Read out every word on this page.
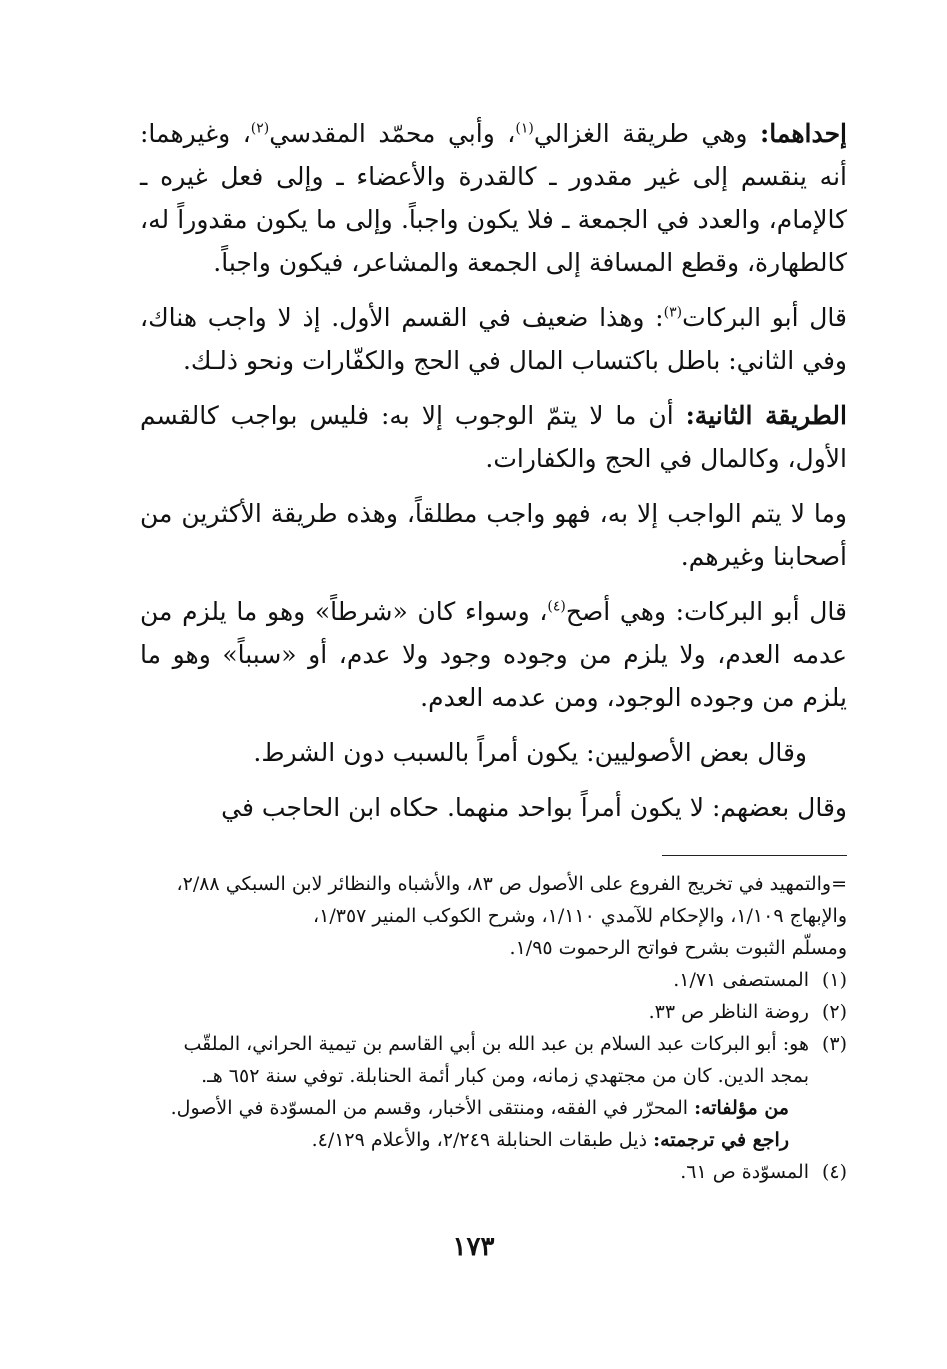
إحداهما: وهي طريقة الغزالي$^{(١)}$، وأبي محمّد المقدسي$^{(٢)}$، وغيرهما: أنه ينقسم إلى غير مقدور ـ كالقدرة والأعضاء ـ وإلى فعل غيره ـ كالإمام، والعدد في الجمعة ـ فلا يكون واجباً. وإلى ما يكون مقدوراً له، كالطهارة، وقطع المسافة إلى الجمعة والمشاعر، فيكون واجباً.

قال أبو البركات$^{(٣)}$: وهذا ضعيف في القسم الأول. إذ لا واجب هناك، وفي الثاني: باطل باكتساب المال في الحج والكفّارات ونحو ذلـك.

الطريقة الثانية: أن ما لا يتمّ الوجوب إلا به: فليس بواجب كالقسم الأول، وكالمال في الحج والكفارات.

وما لا يتم الواجب إلا به، فهو واجب مطلقاً، وهذه طريقة الأكثرين من أصحابنا وغيرهم.

قال أبو البركات: وهي أصح$^{(٤)}$، وسواء كان «شرطاً» وهو ما يلزم من عدمه العدم، ولا يلزم من وجوده وجود ولا عدم، أو «سبباً» وهو ما يلزم من وجوده الوجود، ومن عدمه العدم.

وقال بعض الأصوليين: يكون أمراً بالسبب دون الشرط.

وقال بعضهم: لا يكون أمراً بواحد منهما. حكاه ابن الحاجب في

=والتمهيد في تخريج الفروع على الأصول ص ٨٣، والأشباه والنظائر لابن السبكي ٢/٨٨،
والإبهاج ١/١٠٩، والإحكام للآمدي ١/١١٠، وشرح الكوكب المنير ١/٣٥٧،
ومسلّم الثبوت بشرح فواتح الرحموت ١/٩٥.
(١)
المستصفى ١/٧١.
(٢)
روضة الناظر ص ٣٣.
(٣)
هو: أبو البركات عبد السلام بن عبد الله بن أبي القاسم بن تيمية الحراني، الملقّب بمجد الدين. كان من مجتهدي زمانه، ومن كبار أئمة الحنابلة. توفي سنة ٦٥٢ هـ.
من مؤلفاته: المحرّر في الفقه، ومنتقى الأخبار، وقسم من المسوّدة في الأصول.
راجع في ترجمته: ذيل طبقات الحنابلة ٢/٢٤٩، والأعلام ٤/١٢٩.
(٤)
المسوّدة ص ٦١.
١٧٣
